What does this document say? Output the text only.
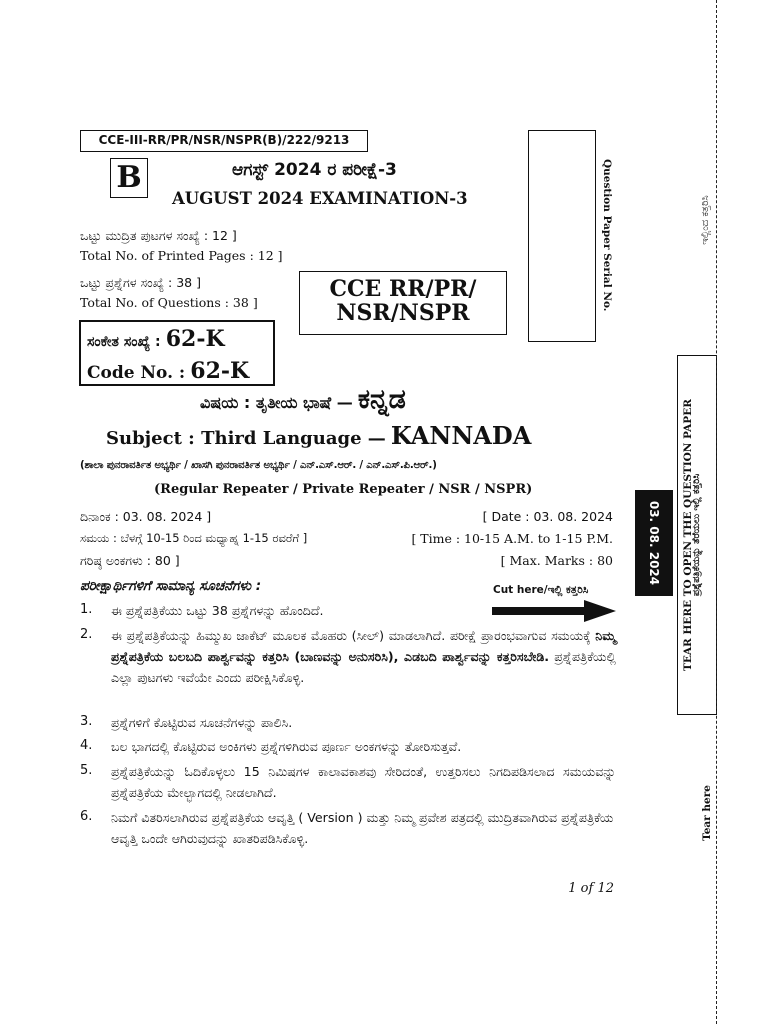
CCE-III-RR/PR/NSR/NSPR(B)/222/9213
B	ಆಗಸ್ಟ್ 2024 ರ ಪರೀಕ್ಷೆ-3
AUGUST 2024 EXAMINATION-3
ಒಟ್ಟು ಮುದ್ರಿತ ಪುಟಗಳ ಸಂಖ್ಯೆ : 12 ]
Total No. of Printed Pages : 12 ]
ಒಟ್ಟು ಪ್ರಶ್ನೆಗಳ ಸಂಖ್ಯೆ : 38 ]
Total No. of Questions : 38 ]
CCE RR/PR/
NSR/NSPR
ಸಂಕೇತ ಸಂಖ್ಯೆ : 62-K
Code No. : 62-K
Question Paper Serial No.
ವಿಷಯ : ತೃತೀಯ ಭಾಷೆ — ಕನ್ನಡ
Subject : Third Language — KANNADA
(ಶಾಲಾ ಪುನರಾವರ್ತಿತ ಅಭ್ಯರ್ಥಿ / ಖಾಸಗಿ ಪುನರಾವರ್ತಿತ ಅಭ್ಯರ್ಥಿ / ಎನ್.ಎಸ್.ಆರ್. / ಎನ್.ಎಸ್.ಪಿ.ಆರ್.)
(Regular Repeater / Private Repeater / NSR / NSPR)
ದಿನಾಂಕ : 03. 08. 2024 ]	[ Date : 03. 08. 2024
ಸಮಯ : ಬೆಳಗ್ಗೆ 10-15 ರಿಂದ ಮಧ್ಯಾಹ್ನ 1-15 ರವರೆಗೆ ]	[ Time : 10-15 A.M. to 1-15 P.M.
ಗರಿಷ್ಠ ಅಂಕಗಳು : 80 ]	[ Max. Marks : 80
ಪರೀಕ್ಷಾರ್ಥಿಗಳಿಗೆ ಸಾಮಾನ್ಯ ಸೂಚನೆಗಳು :	Cut here/ಇಲ್ಲಿ ಕತ್ತರಿಸಿ
1.	ಈ ಪ್ರಶ್ನೆಪತ್ರಿಕೆಯು ಒಟ್ಟು 38 ಪ್ರಶ್ನೆಗಳನ್ನು ಹೊಂದಿದೆ.
2.	ಈ ಪ್ರಶ್ನೆಪತ್ರಿಕೆಯನ್ನು ಹಿಮ್ಮುಖ ಜಾಕೆಟ್ ಮೂಲಕ ಮೊಹರು (ಸೀಲ್) ಮಾಡಲಾಗಿದೆ. ಪರೀಕ್ಷೆ ಪ್ರಾರಂಭವಾಗುವ ಸಮಯಕ್ಕೆ ನಿಮ್ಮ ಪ್ರಶ್ನೆಪತ್ರಿಕೆಯ ಬಲಬದಿ ಪಾರ್ಶ್ವವನ್ನು ಕತ್ತರಿಸಿ (ಬಾಣವನ್ನು ಅನುಸರಿಸಿ), ಎಡಬದಿ ಪಾರ್ಶ್ವವನ್ನು ಕತ್ತರಿಸಬೇಡಿ. ಪ್ರಶ್ನೆಪತ್ರಿಕೆಯಲ್ಲಿ ಎಲ್ಲಾ ಪುಟಗಳು ಇವೆಯೇ ಎಂದು ಪರೀಕ್ಷಿಸಿಕೊಳ್ಳಿ.
3.	ಪ್ರಶ್ನೆಗಳಿಗೆ ಕೊಟ್ಟಿರುವ ಸೂಚನೆಗಳನ್ನು ಪಾಲಿಸಿ.
4.	ಬಲ ಭಾಗದಲ್ಲಿ ಕೊಟ್ಟಿರುವ ಅಂಕಿಗಳು ಪ್ರಶ್ನೆಗಳಿಗಿರುವ ಪೂರ್ಣ ಅಂಕಗಳನ್ನು ತೋರಿಸುತ್ತವೆ.
5.	ಪ್ರಶ್ನೆಪತ್ರಿಕೆಯನ್ನು ಓದಿಕೊಳ್ಳಲು 15 ನಿಮಿಷಗಳ ಕಾಲಾವಕಾಶವು ಸೇರಿದಂತೆ, ಉತ್ತರಿಸಲು ನಿಗದಿಪಡಿಸಲಾದ ಸಮಯವನ್ನು ಪ್ರಶ್ನೆಪತ್ರಿಕೆಯ ಮೇಲ್ಭಾಗದಲ್ಲಿ ನೀಡಲಾಗಿದೆ.
6.	ನಿಮಗೆ ವಿತರಿಸಲಾಗಿರುವ ಪ್ರಶ್ನೆಪತ್ರಿಕೆಯ ಆವೃತ್ತಿ ( Version ) ಮತ್ತು ನಿಮ್ಮ ಪ್ರವೇಶ ಪತ್ರದಲ್ಲಿ ಮುದ್ರಿತವಾಗಿರುವ ಪ್ರಶ್ನೆಪತ್ರಿಕೆಯ ಆವೃತ್ತಿ ಒಂದೇ ಆಗಿರುವುದನ್ನು ಖಾತರಿಪಡಿಸಿಕೊಳ್ಳಿ.
1 of 12
ಇಲ್ಲಿಂದ ಕತ್ತರಿಸಿ
03. 08. 2024 TEAR HERE TO OPEN THE QUESTION PAPER
ಪ್ರಶ್ನೆಪತ್ರಿಕೆಯನ್ನು ತೆರೆಯಲು ಇಲ್ಲಿ ಕತ್ತರಿಸಿ
Tear here
